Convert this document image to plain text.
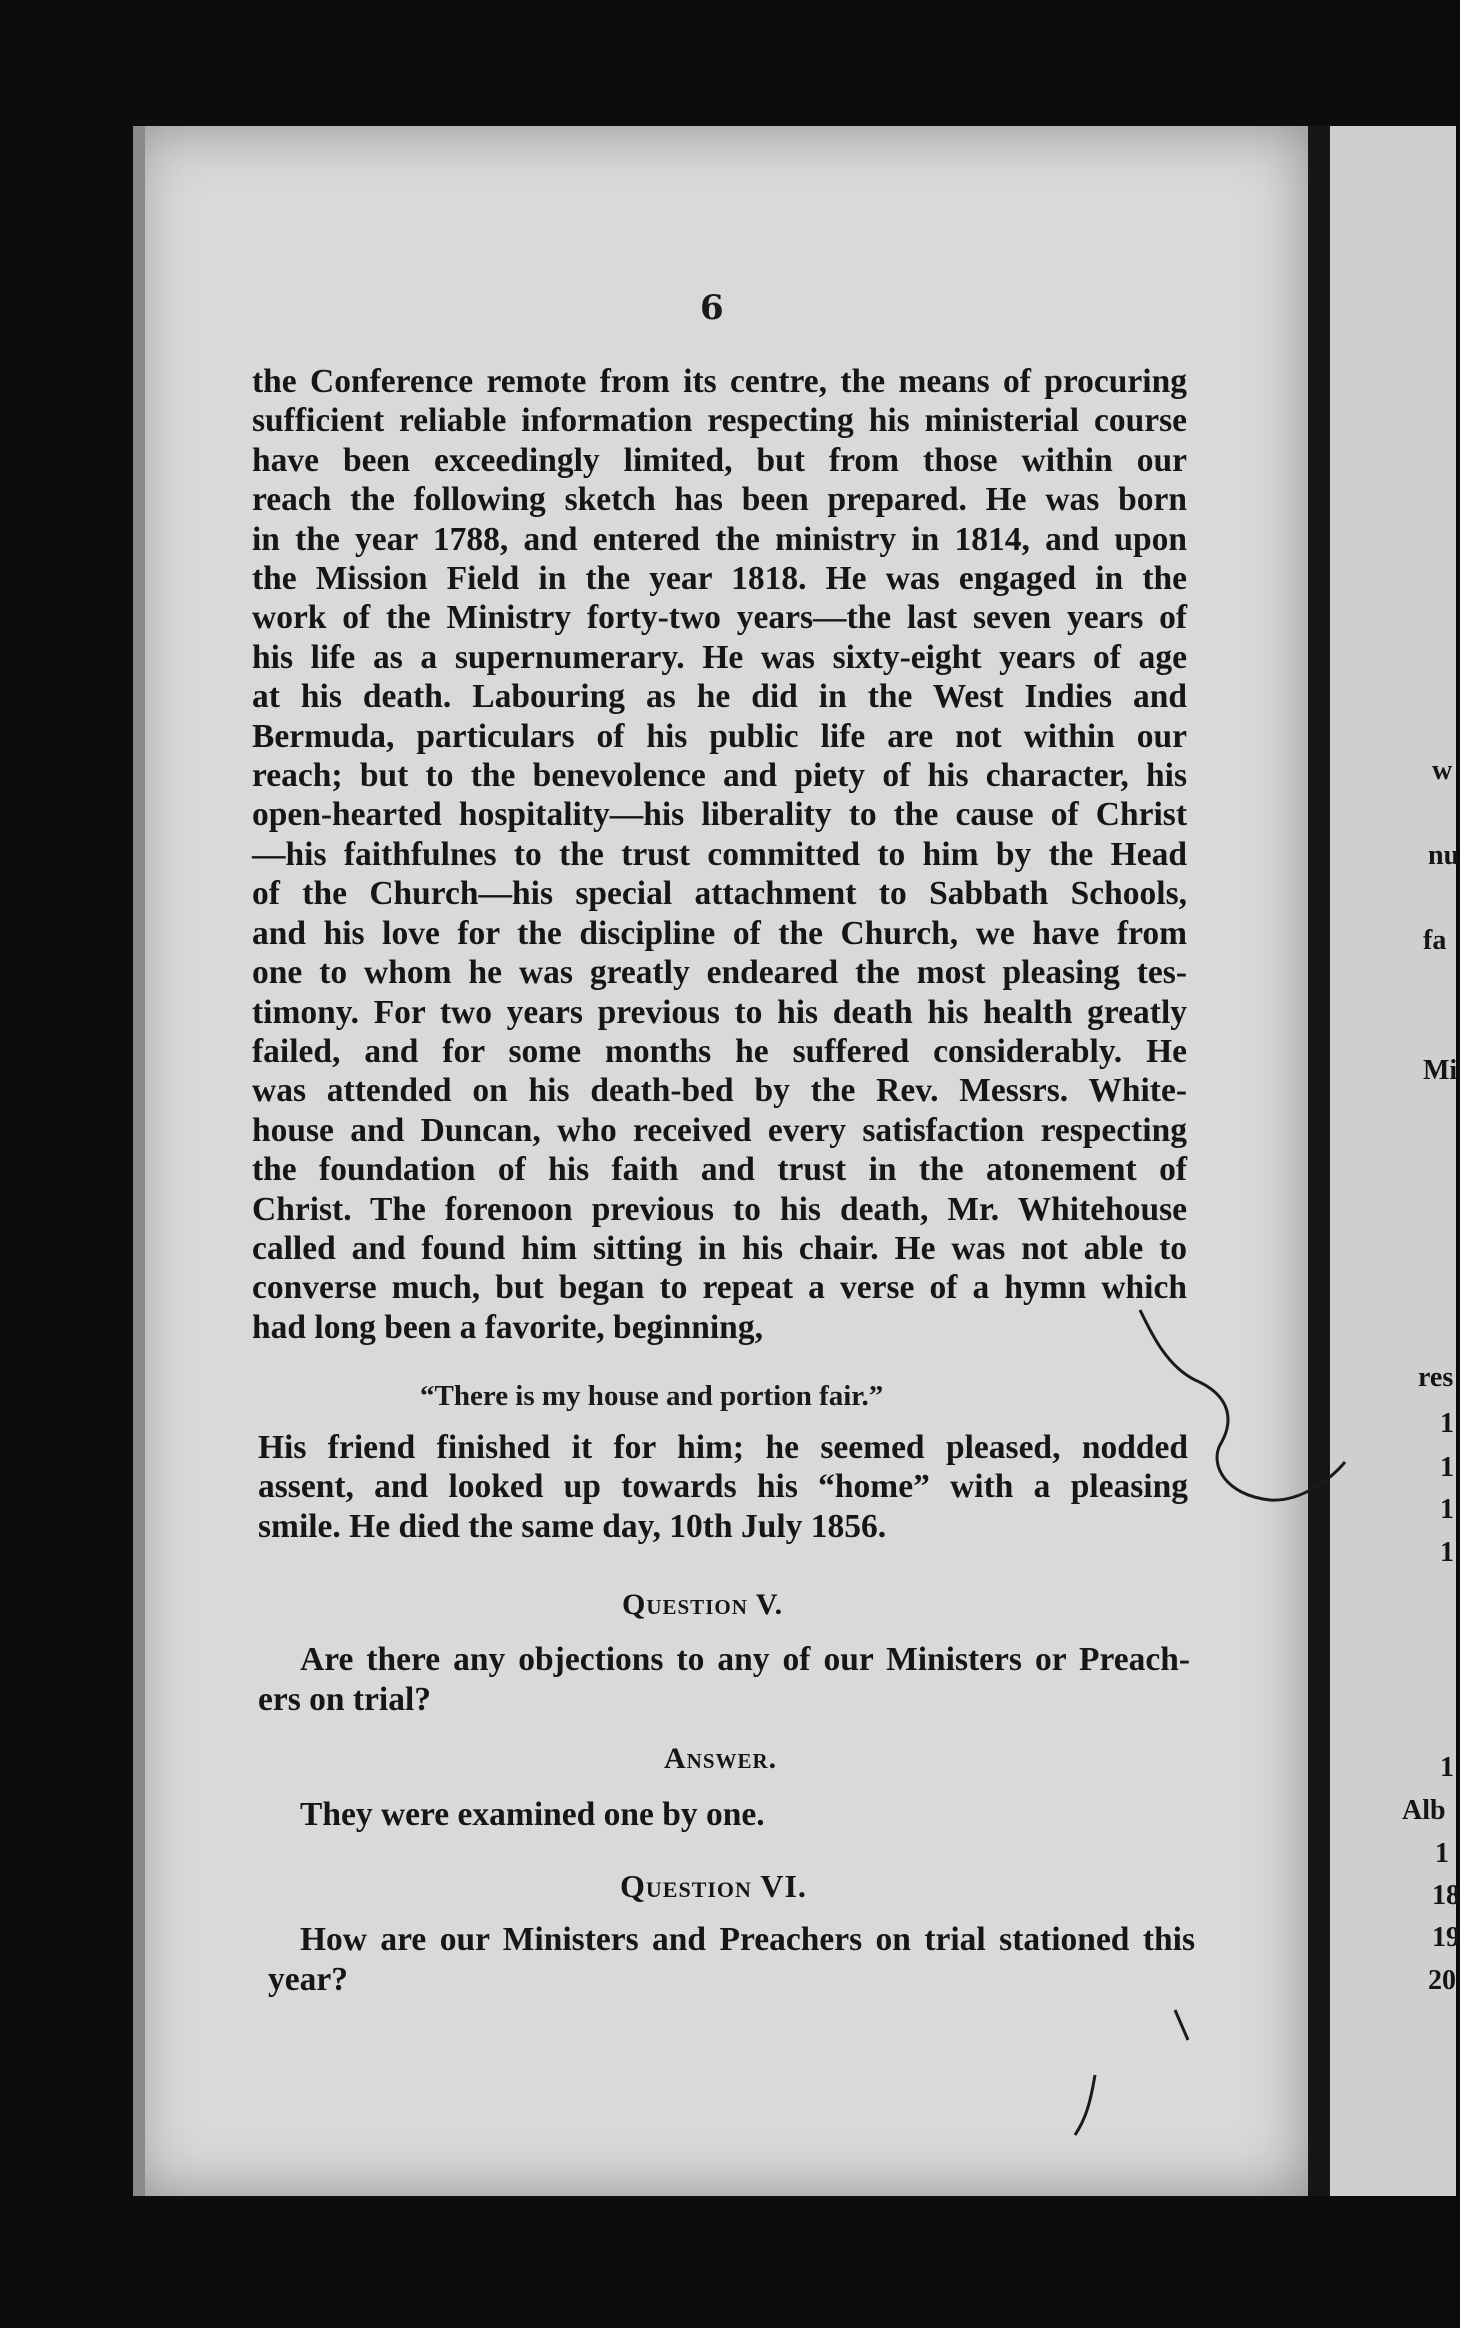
6
the Conference remote from its centre, the means of procuring
sufficient reliable information respecting his ministerial course
have been exceedingly limited, but from those within our
reach the following sketch has been prepared. He was born
in the year 1788, and entered the ministry in 1814, and upon
the Mission Field in the year 1818. He was engaged in the
work of the Ministry forty-two years—the last seven years of
his life as a supernumerary. He was sixty-eight years of age
at his death. Labouring as he did in the West Indies and
Bermuda, particulars of his public life are not within our
reach; but to the benevolence and piety of his character, his
open-hearted hospitality—his liberality to the cause of Christ
—his faithfulnes to the trust committed to him by the Head
of the Church—his special attachment to Sabbath Schools,
and his love for the discipline of the Church, we have from
one to whom he was greatly endeared the most pleasing tes-
timony. For two years previous to his death his health greatly
failed, and for some months he suffered considerably. He
was attended on his death-bed by the Rev. Messrs. White-
house and Duncan, who received every satisfaction respecting
the foundation of his faith and trust in the atonement of
Christ. The forenoon previous to his death, Mr. Whitehouse
called and found him sitting in his chair. He was not able to
converse much, but began to repeat a verse of a hymn which
had long been a favorite, beginning,
“There is my house and portion fair.”
His friend finished it for him; he seemed pleased, nodded
assent, and looked up towards his “home” with a pleasing
smile. He died the same day, 10th July 1856.
Question V.
Are there any objections to any of our Ministers or Preach-
ers on trial?
Answer.
They were examined one by one.
Question VI.
How are our Ministers and Preachers on trial stationed this
year?
w
nu
fa
Mi
res
1
1
1
1
1
Alb
1
18
19
20
